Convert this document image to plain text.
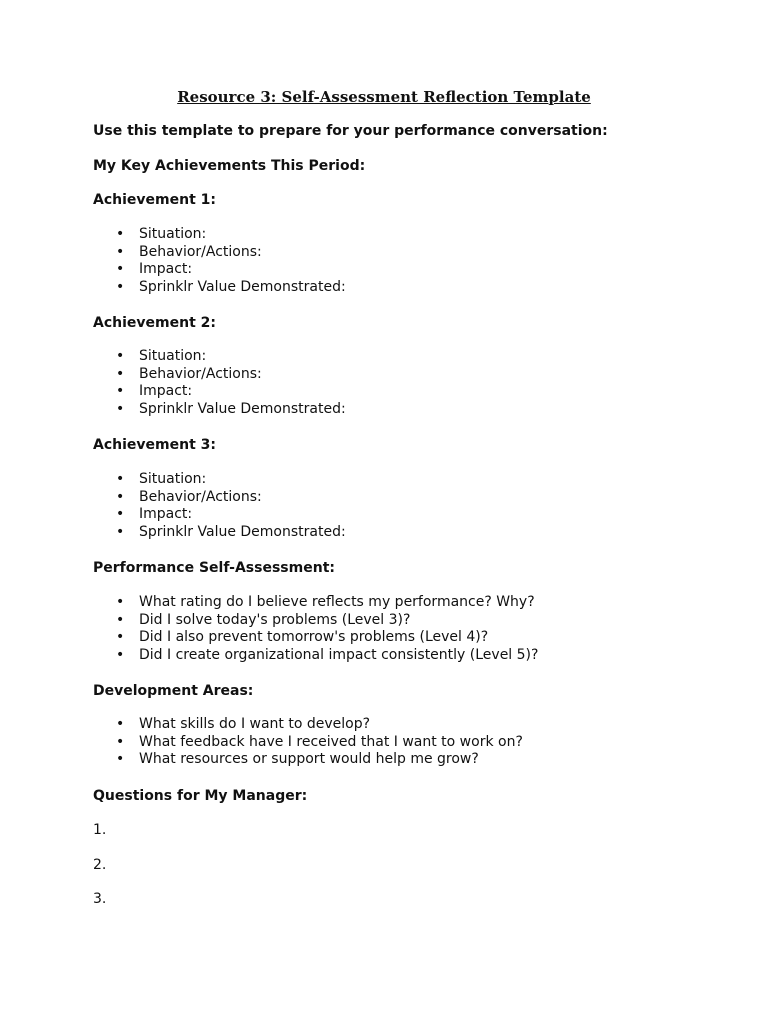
Resource 3: Self-Assessment Reflection Template
Use this template to prepare for your performance conversation:
My Key Achievements This Period:
Achievement 1:
• Situation:
• Behavior/Actions:
• Impact:
• Sprinklr Value Demonstrated:
Achievement 2:
• Situation:
• Behavior/Actions:
• Impact:
• Sprinklr Value Demonstrated:
Achievement 3:
• Situation:
• Behavior/Actions:
• Impact:
• Sprinklr Value Demonstrated:
Performance Self-Assessment:
• What rating do I believe reflects my performance? Why?
• Did I solve today's problems (Level 3)?
• Did I also prevent tomorrow's problems (Level 4)?
• Did I create organizational impact consistently (Level 5)?
Development Areas:
• What skills do I want to develop?
• What feedback have I received that I want to work on?
• What resources or support would help me grow?
Questions for My Manager:
1.
2.
3.
